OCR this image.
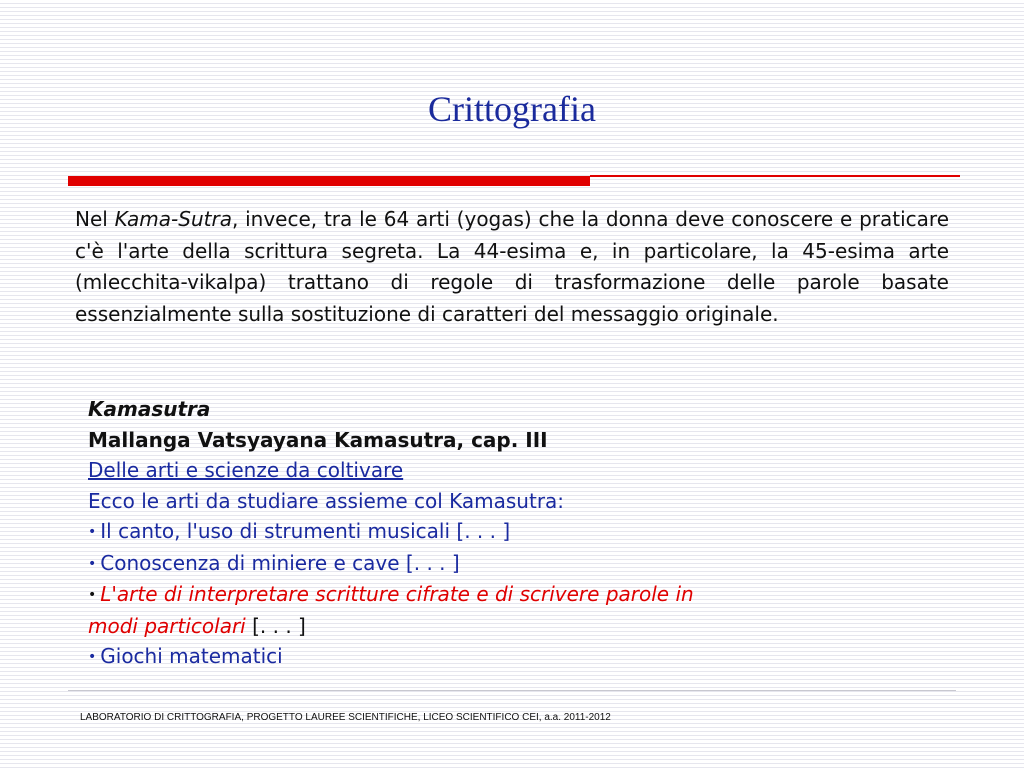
Crittografia
Nel Kama-Sutra, invece, tra le 64 arti (yogas) che la donna deve conoscere e praticare c'è l'arte della scrittura segreta. La 44-esima e, in particolare, la 45-esima arte (mlecchita-vikalpa) trattano di regole di trasformazione delle parole basate essenzialmente sulla sostituzione di caratteri del messaggio originale.
Kamasutra
Mallanga Vatsyayana Kamasutra, cap. III
Delle arti e scienze da coltivare
Ecco le arti da studiare assieme col Kamasutra:
• Il canto, l'uso di strumenti musicali [. . . ]
• Conoscenza di miniere e cave [. . . ]
• L'arte di interpretare scritture cifrate e di scrivere parole in
modi particolari [. . . ]
• Giochi matematici
LABORATORIO DI CRITTOGRAFIA, PROGETTO LAUREE SCIENTIFICHE, LICEO SCIENTIFICO CEI, a.a. 2011-2012
